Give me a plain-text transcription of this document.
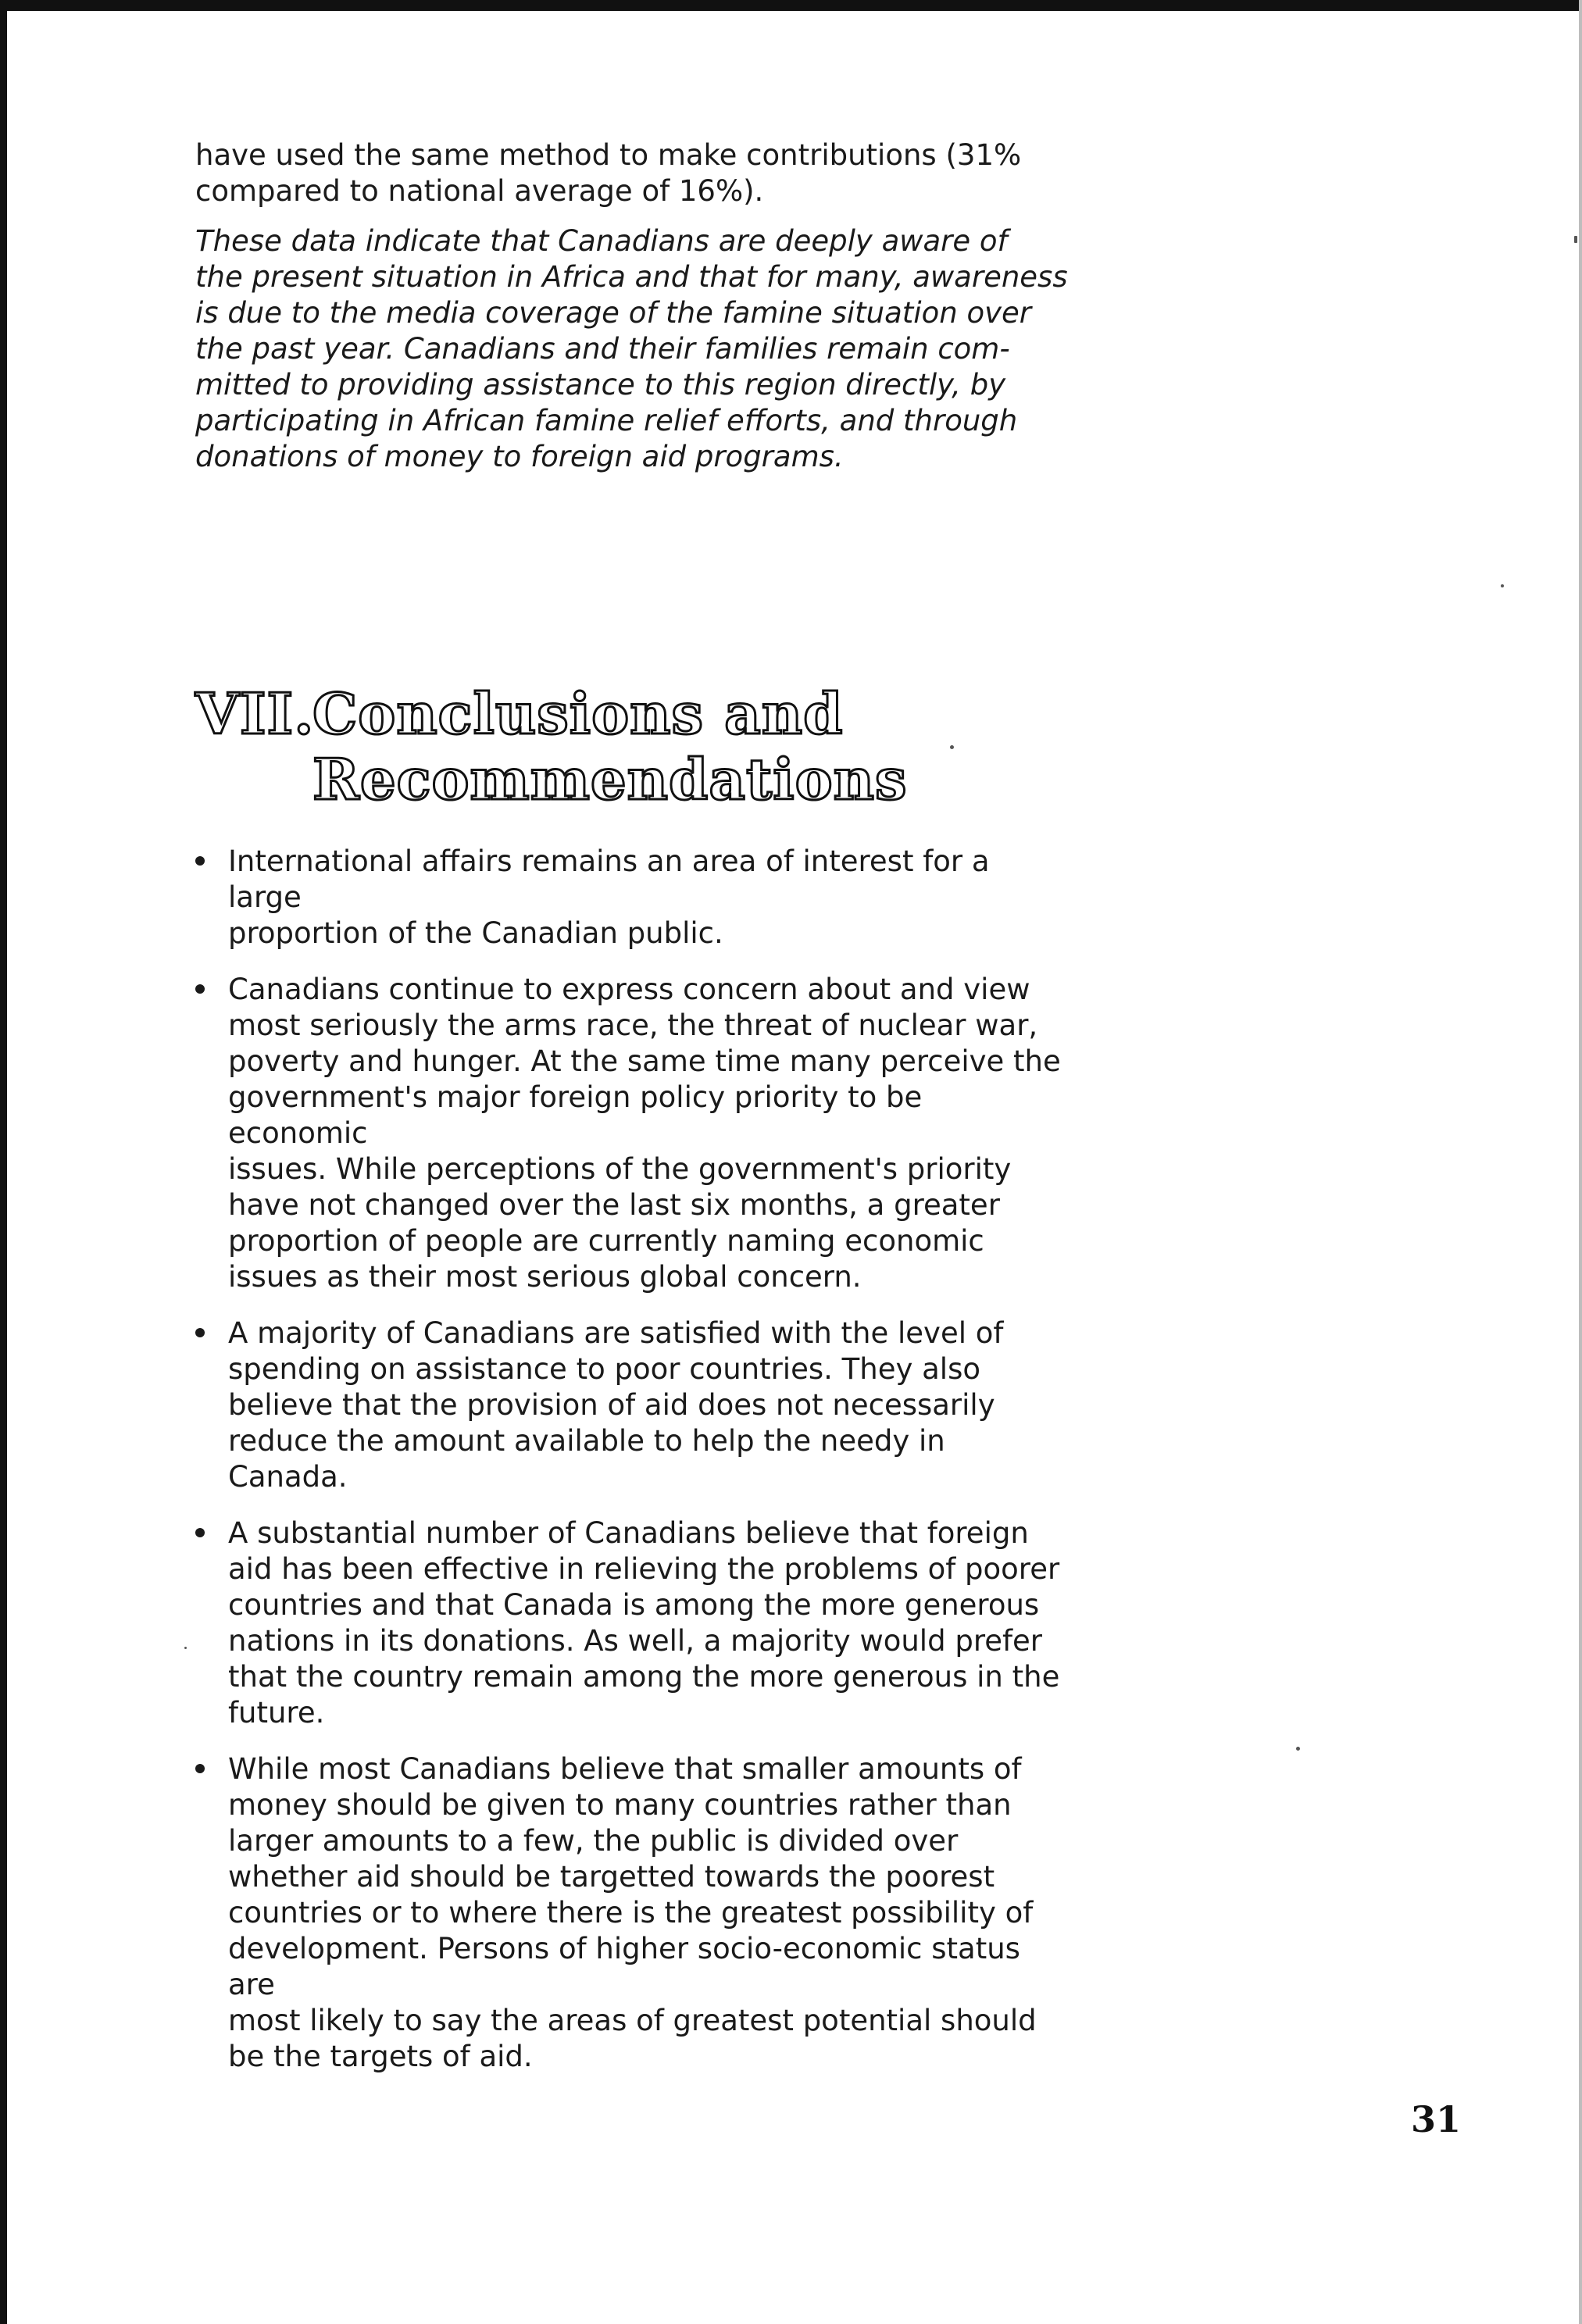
have used the same method to make contributions (31%
compared to national average of 16%).

These data indicate that Canadians are deeply aware of
the present situation in Africa and that for many, awareness
is due to the media coverage of the famine situation over
the past year. Canadians and their families remain com-
mitted to providing assistance to this region directly, by
participating in African famine relief efforts, and through
donations of money to foreign aid programs.

VII.Conclusions and
Recommendations
International affairs remains an area of interest for a large
proportion of the Canadian public.
Canadians continue to express concern about and view
most seriously the arms race, the threat of nuclear war,
poverty and hunger. At the same time many perceive the
government's major foreign policy priority to be economic
issues. While perceptions of the government's priority
have not changed over the last six months, a greater
proportion of people are currently naming economic
issues as their most serious global concern.
A majority of Canadians are satisfied with the level of
spending on assistance to poor countries. They also
believe that the provision of aid does not necessarily
reduce the amount available to help the needy in
Canada.
A substantial number of Canadians believe that foreign
aid has been effective in relieving the problems of poorer
countries and that Canada is among the more generous
nations in its donations. As well, a majority would prefer
that the country remain among the more generous in the
future.
While most Canadians believe that smaller amounts of
money should be given to many countries rather than
larger amounts to a few, the public is divided over
whether aid should be targetted towards the poorest
countries or to where there is the greatest possibility of
development. Persons of higher socio-economic status are
most likely to say the areas of greatest potential should
be the targets of aid.
31
